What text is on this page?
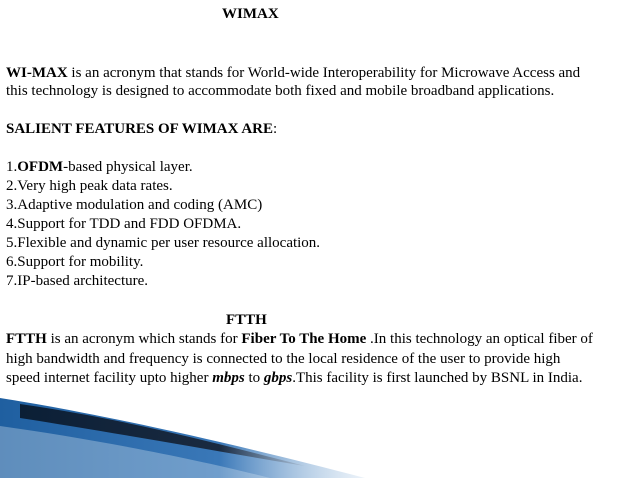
WIMAX
WI-MAX is an acronym that stands for World-wide Interoperability for Microwave Access and
this technology is designed to accommodate both fixed and mobile broadband applications.
SALIENT FEATURES OF WIMAX ARE:
1.OFDM-based physical layer.
2.Very high peak data rates.
3.Adaptive modulation and coding (AMC)
4.Support for TDD and FDD OFDMA.
5.Flexible and dynamic per user resource allocation.
6.Support for mobility.
7.IP-based architecture.
FTTH
FTTH is an acronym which stands for Fiber To The Home .In this technology an optical fiber of
high bandwidth and frequency is connected to the local residence of the user to provide high
speed internet facility upto higher mbps to gbps.This facility is first launched by BSNL in India.
